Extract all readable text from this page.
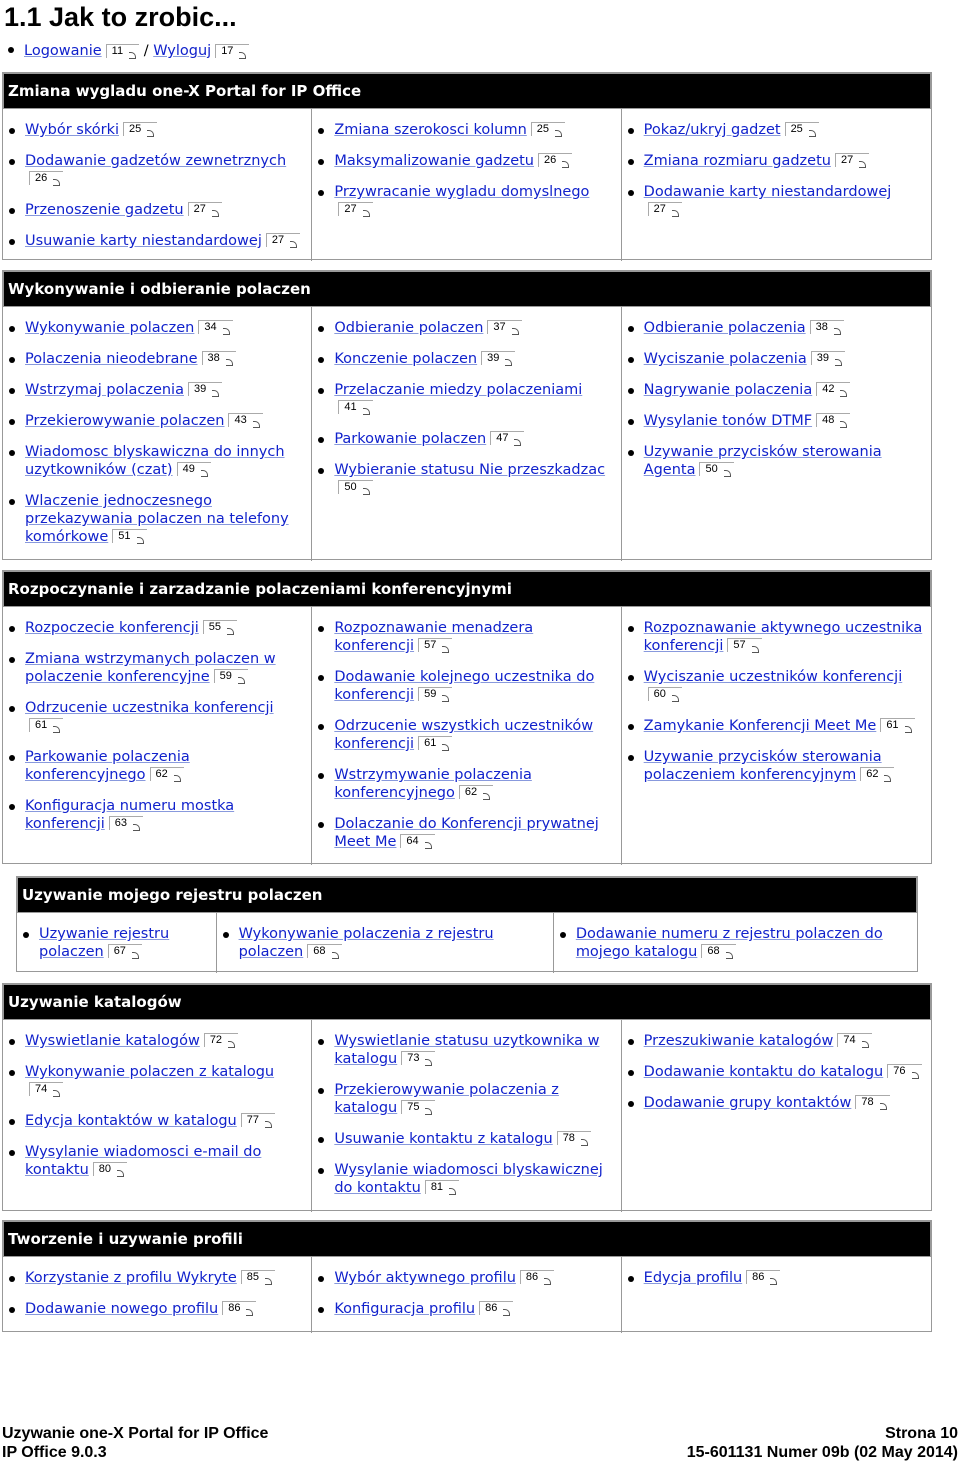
1.1 Jak to zrobic...
Logowanie 11 / Wyloguj 17
Zmiana wygladu one-X Portal for IP Office
Wybór skórki 25
Dodawanie gadzetów zewnetrznych26
Przenoszenie gadzetu 27
Usuwanie karty niestandardowej 27
Zmiana szerokosci kolumn 25
Maksymalizowanie gadzetu 26
Przywracanie wygladu domyslnego27
Pokaz/ukryj gadzet 25
Zmiana rozmiaru gadzetu 27
Dodawanie karty niestandardowej27
Wykonywanie i odbieranie polaczen
Wykonywanie polaczen 34
Polaczenia nieodebrane 38
Wstrzymaj polaczenia 39
Przekierowywanie polaczen 43
Wiadomosc blyskawiczna do innych uzytkowników (czat) 49
Wlaczenie jednoczesnego przekazywania polaczen na telefony komórkowe 51
Odbieranie polaczen 37
Konczenie polaczen 39
Przelaczanie miedzy polaczeniami41
Parkowanie polaczen 47
Wybieranie statusu Nie przeszkadzac50
Odbieranie polaczenia 38
Wyciszanie polaczenia 39
Nagrywanie polaczenia 42
Wysylanie tonów DTMF 48
Uzywanie przycisków sterowania Agenta 50
Rozpoczynanie i zarzadzanie polaczeniami konferencyjnymi
Rozpoczecie konferencji 55
Zmiana wstrzymanych polaczen w polaczenie konferencyjne 59
Odrzucenie uczestnika konferencji61
Parkowanie polaczenia konferencyjnego 62
Konfiguracja numeru mostka konferencji 63
Rozpoznawanie menadzera konferencji 57
Dodawanie kolejnego uczestnika do konferencji 59
Odrzucenie wszystkich uczestników konferencji 61
Wstrzymywanie polaczenia konferencyjnego 62
Dolaczanie do Konferencji prywatnej Meet Me 64
Rozpoznawanie aktywnego uczestnika konferencji 57
Wyciszanie uczestników konferencji60
Zamykanie Konferencji Meet Me 61
Uzywanie przycisków sterowania polaczeniem konferencyjnym 62
Uzywanie mojego rejestru polaczen
Uzywanie rejestru polaczen 67
Wykonywanie polaczenia z rejestru polaczen 68
Dodawanie numeru z rejestru polaczen do mojego katalogu 68
Uzywanie katalogów
Wyswietlanie katalogów 72
Wykonywanie polaczen z katalogu74
Edycja kontaktów w katalogu 77
Wysylanie wiadomosci e-mail do kontaktu 80
Wyswietlanie statusu uzytkownika w katalogu 73
Przekierowywanie polaczenia z katalogu 75
Usuwanie kontaktu z katalogu 78
Wysylanie wiadomosci blyskawicznej do kontaktu 81
Przeszukiwanie katalogów 74
Dodawanie kontaktu do katalogu 76
Dodawanie grupy kontaktów 78
Tworzenie i uzywanie profili
Korzystanie z profilu Wykryte 85
Dodawanie nowego profilu 86
Wybór aktywnego profilu 86
Konfiguracja profilu 86
Edycja profilu 86
Uzywanie one-X Portal for IP Office	Strona 10
IP Office 9.0.3	15-601131 Numer 09b (02 May 2014)
